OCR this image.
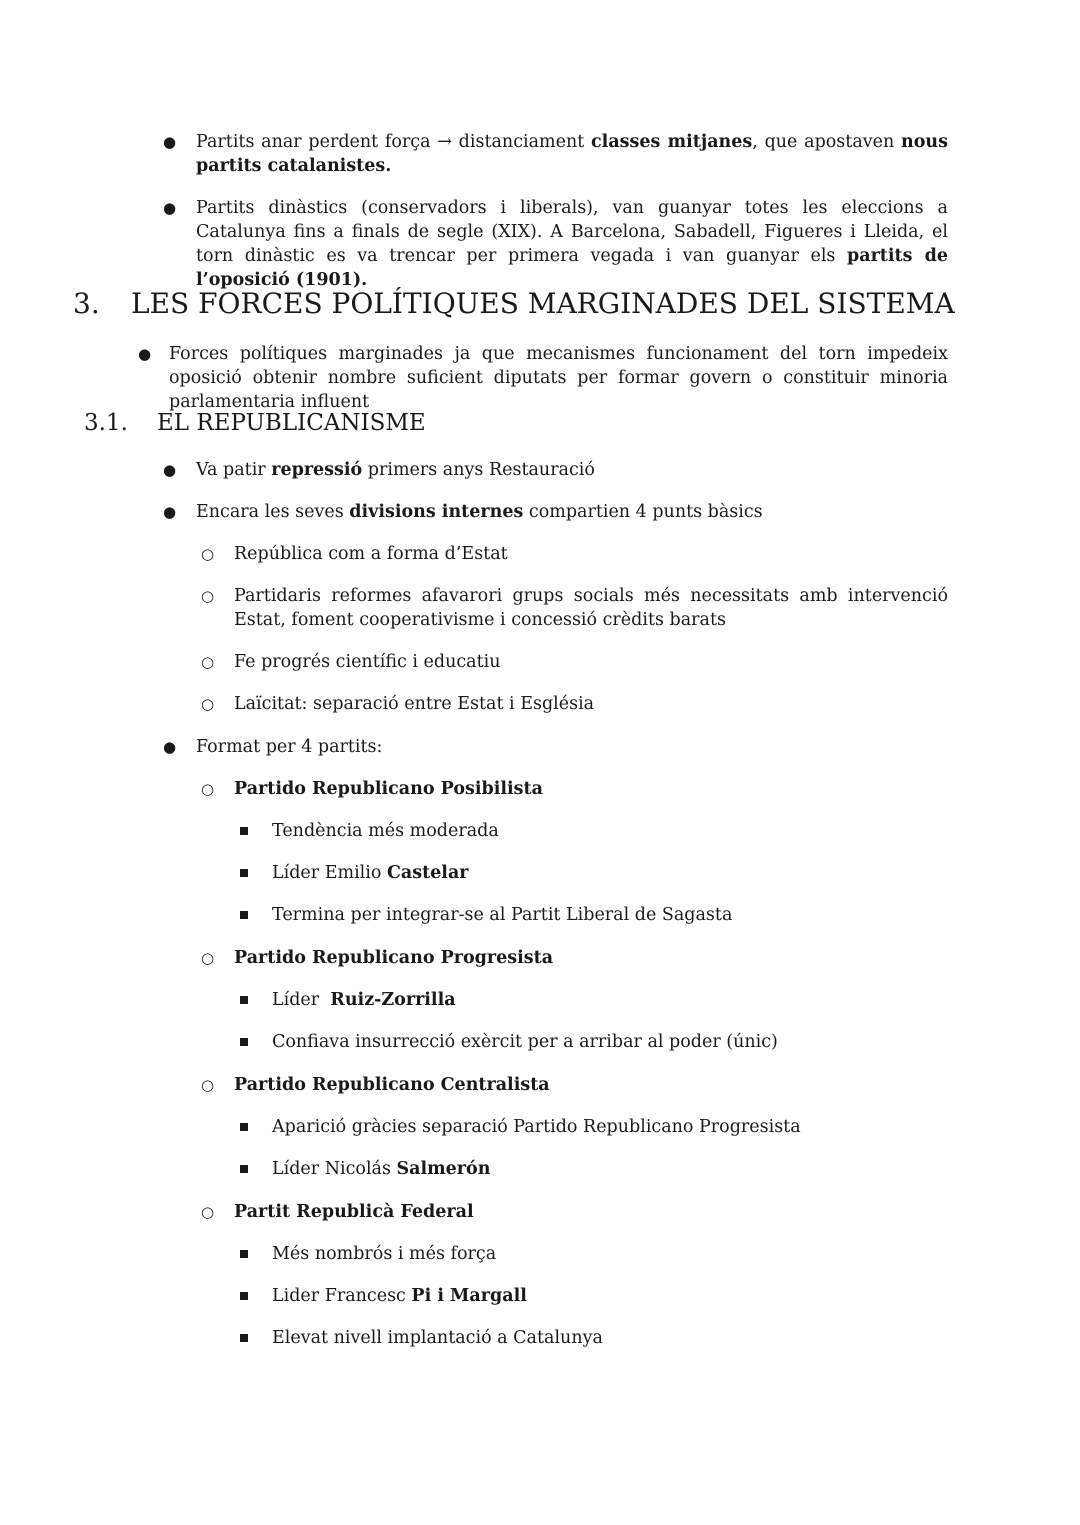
● Partits anar perdent força → distanciament classes mitjanes, que apostaven nous partits catalanistes.
● Partits dinàstics (conservadors i liberals), van guanyar totes les eleccions a Catalunya fins a finals de segle (XIX). A Barcelona, Sabadell, Figueres i Lleida, el torn dinàstic es va trencar per primera vegada i van guanyar els partits de l’oposició (1901).
3. LES FORCES POLÍTIQUES MARGINADES DEL SISTEMA
● Forces polítiques marginades ja que mecanismes funcionament del torn impedeix oposició obtenir nombre suficient diputats per formar govern o constituir minoria parlamentaria influent
3.1. EL REPUBLICANISME
● Va patir repressió primers anys Restauració
● Encara les seves divisions internes compartien 4 punts bàsics
○ República com a forma d’Estat
○ Partidaris reformes afavarori grups socials més necessitats amb intervenció Estat, foment cooperativisme i concessió crèdits barats
○ Fe progrés científic i educatiu
○ Laïcitat: separació entre Estat i Església
● Format per 4 partits:
○ Partido Republicano Posibilista
Tendència més moderada
Líder Emilio Castelar
Termina per integrar-se al Partit Liberal de Sagasta
○ Partido Republicano Progresista
Líder  Ruiz-Zorrilla
Confiava insurrecció exèrcit per a arribar al poder (únic)
○ Partido Republicano Centralista
Aparició gràcies separació Partido Republicano Progresista
Líder Nicolás Salmerón
○ Partit Republicà Federal
Més nombrós i més força
Lider Francesc Pi i Margall
Elevat nivell implantació a Catalunya
